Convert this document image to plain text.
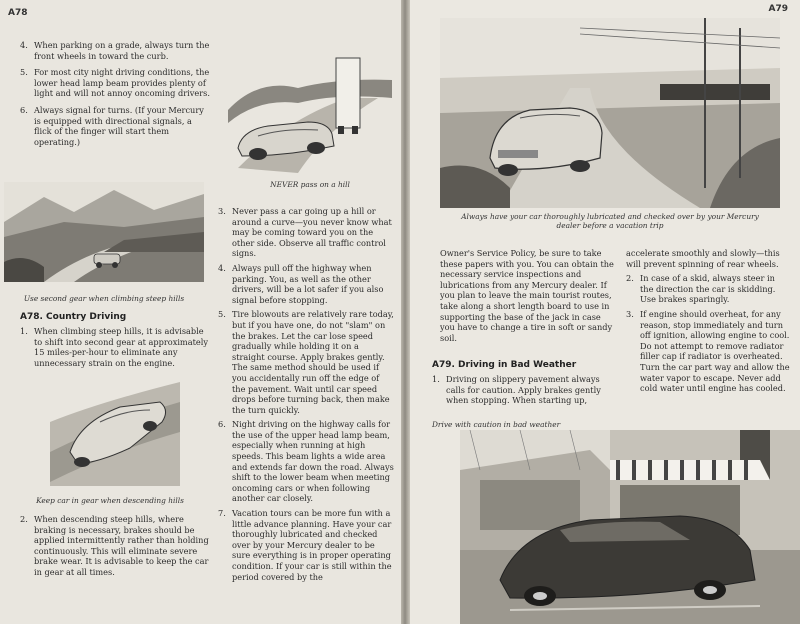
A78
4. When parking on a grade, always turn the front wheels in toward the curb.
5. For most city night driving conditions, the lower head lamp beam provides plenty of light and will not annoy oncoming drivers.
6. Always signal for turns. (If your Mercury is equipped with directional signals, a flick of the finger will start them operating.)
NEVER pass on a hill
Use second gear when climbing steep hills
A78. Country Driving
1. When climbing steep hills, it is advisable to shift into second gear at approximately 15 miles-per-hour to eliminate any unnecessary strain on the engine.
Keep car in gear when descending hills
2. When descending steep hills, where braking is necessary, brakes should be applied intermittently rather than holding continuously. This will eliminate severe brake wear. It is advisable to keep the car in gear at all times.
3. Never pass a car going up a hill or around a curve—you never know what may be coming toward you on the other side. Observe all traffic control signs.
4. Always pull off the highway when parking. You, as well as the other drivers, will be a lot safer if you also signal before stopping.
5. Tire blowouts are relatively rare today, but if you have one, do not "slam" on the brakes. Let the car lose speed gradually while holding it on a straight course. Apply brakes gently. The same method should be used if you accidentally run off the edge of the pavement. Wait until car speed drops before turning back, then make the turn quickly.
6. Night driving on the highway calls for the use of the upper head lamp beam, especially when running at high speeds. This beam lights a wide area and extends far down the road. Always shift to the lower beam when meeting oncoming cars or when following another car closely.
7. Vacation tours can be more fun with a little advance planning. Have your car thoroughly lubricated and checked over by your Mercury dealer to be sure everything is in proper operating condition. If your car is still within the period covered by the
A79
Always have your car thoroughly lubricated and checked over by your Mercury dealer before a vacation trip
Owner's Service Policy, be sure to take these papers with you. You can obtain the necessary service inspections and lubrications from any Mercury dealer. If you plan to leave the main tourist routes, take along a short length board to use in supporting the base of the jack in case you have to change a tire in soft or sandy soil.
A79. Driving in Bad Weather
1. Driving on slippery pavement always calls for caution. Apply brakes gently when stopping. When starting up,
Drive with caution in bad weather
accelerate smoothly and slowly—this will prevent spinning of rear wheels.
2. In case of a skid, always steer in the direction the car is skidding. Use brakes sparingly.
3. If engine should overheat, for any reason, stop immediately and turn off ignition, allowing engine to cool. Do not attempt to remove radiator filler cap if radiator is overheated. Turn the car part way and allow the water vapor to escape. Never add cold water until engine has cooled.
